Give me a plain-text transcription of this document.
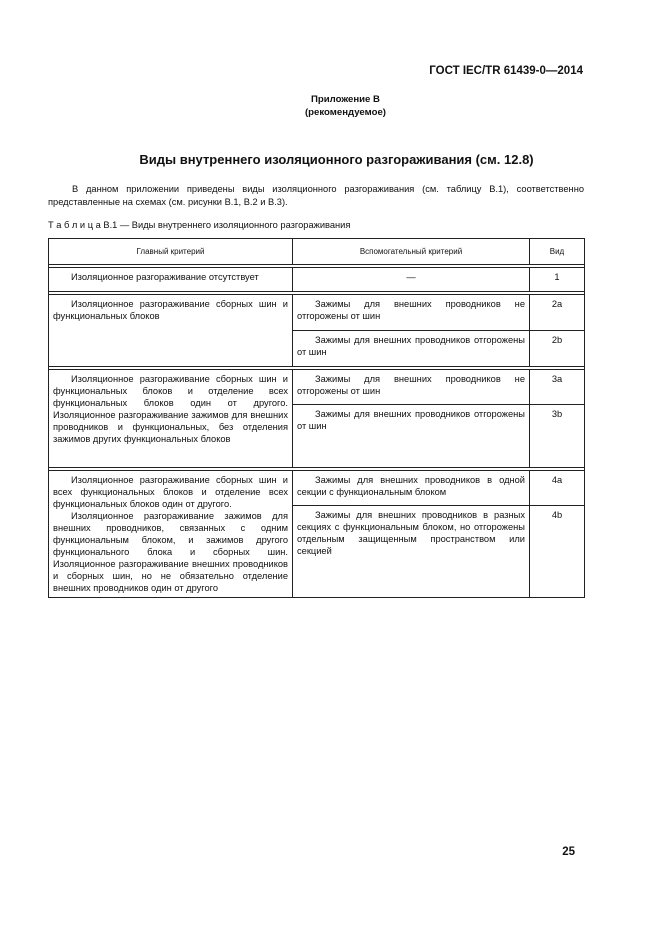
ГОСТ IEC/TR 61439-0—2014
Приложение В
(рекомендуемое)
Виды внутреннего изоляционного разгораживания (см. 12.8)
В данном приложении приведены виды изоляционного разгораживания (см. таблицу В.1), соответственно представленные на схемах (см. рисунки В.1, В.2 и В.3).
Т а б л и ц а В.1 — Виды внутреннего изоляционного разгораживания
Главный критерий	Вспомогательный критерий	Вид

Изоляционное разгораживание отсутствует	—	1

Изоляционное разгораживание сборных шин и функциональных блоков	Зажимы для внешних проводников не отгорожены от шин	2а

	Зажимы для внешних проводников отгорожены от шин	2b

Изоляционное разгораживание сборных шин и функциональных блоков и отделение всех функциональных блоков один от другого. Изоляционное разгораживание зажимов для внешних проводников и функциональных, без отделения зажимов других функциональных блоков	Зажимы для внешних проводников не отгорожены от шин	3а

	Зажимы для внешних проводников отгорожены от шин	3b

Изоляционное разгораживание сборных шин и всех функциональных блоков и отделение всех функциональных блоков один от другого.
Изоляционное разгораживание зажимов для внешних проводников, связанных с одним функциональным блоком, и зажимов другого функционального блока и сборных шин. Изоляционное разгораживание внешних проводников и сборных шин, но не обязательно отделение внешних проводников один от другого	Зажимы для внешних проводников в одной секции с функциональным блоком	4а

	Зажимы для внешних проводников в разных секциях с функциональным блоком, но отгорожены отдельным защищенным пространством или секцией	4b
25
